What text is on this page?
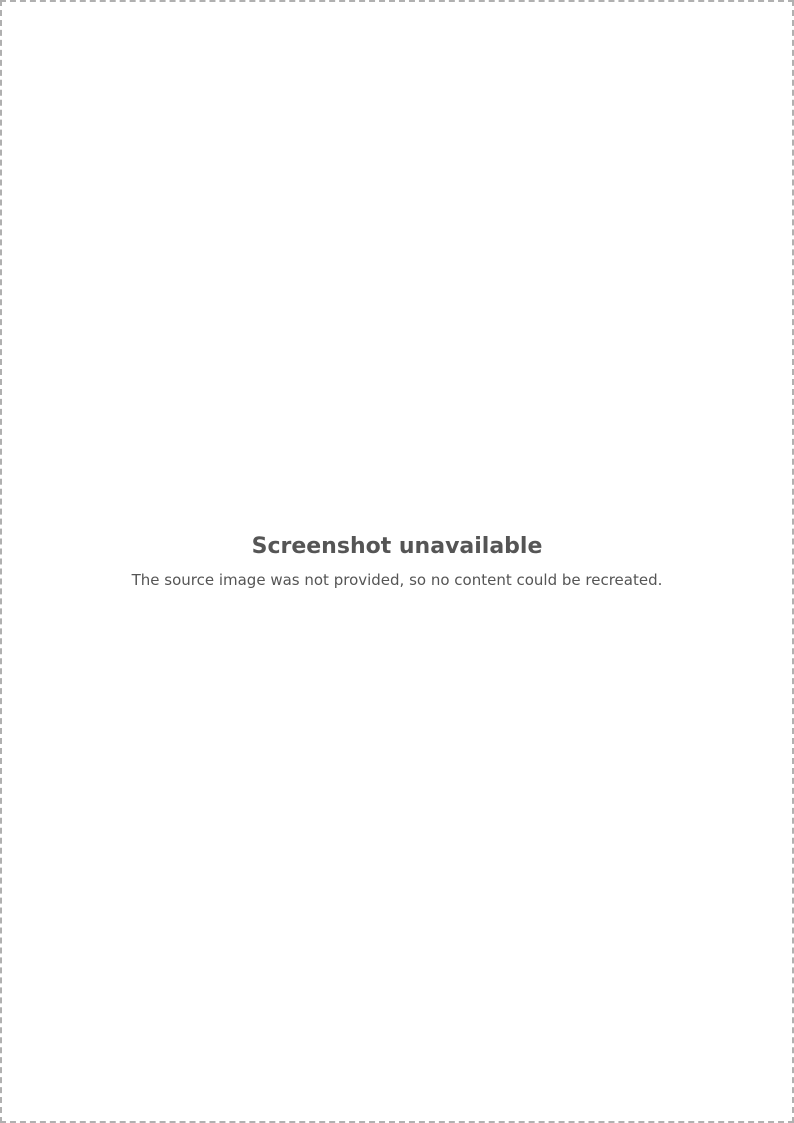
Screenshot unavailable
The source image was not provided, so no content could be recreated.
